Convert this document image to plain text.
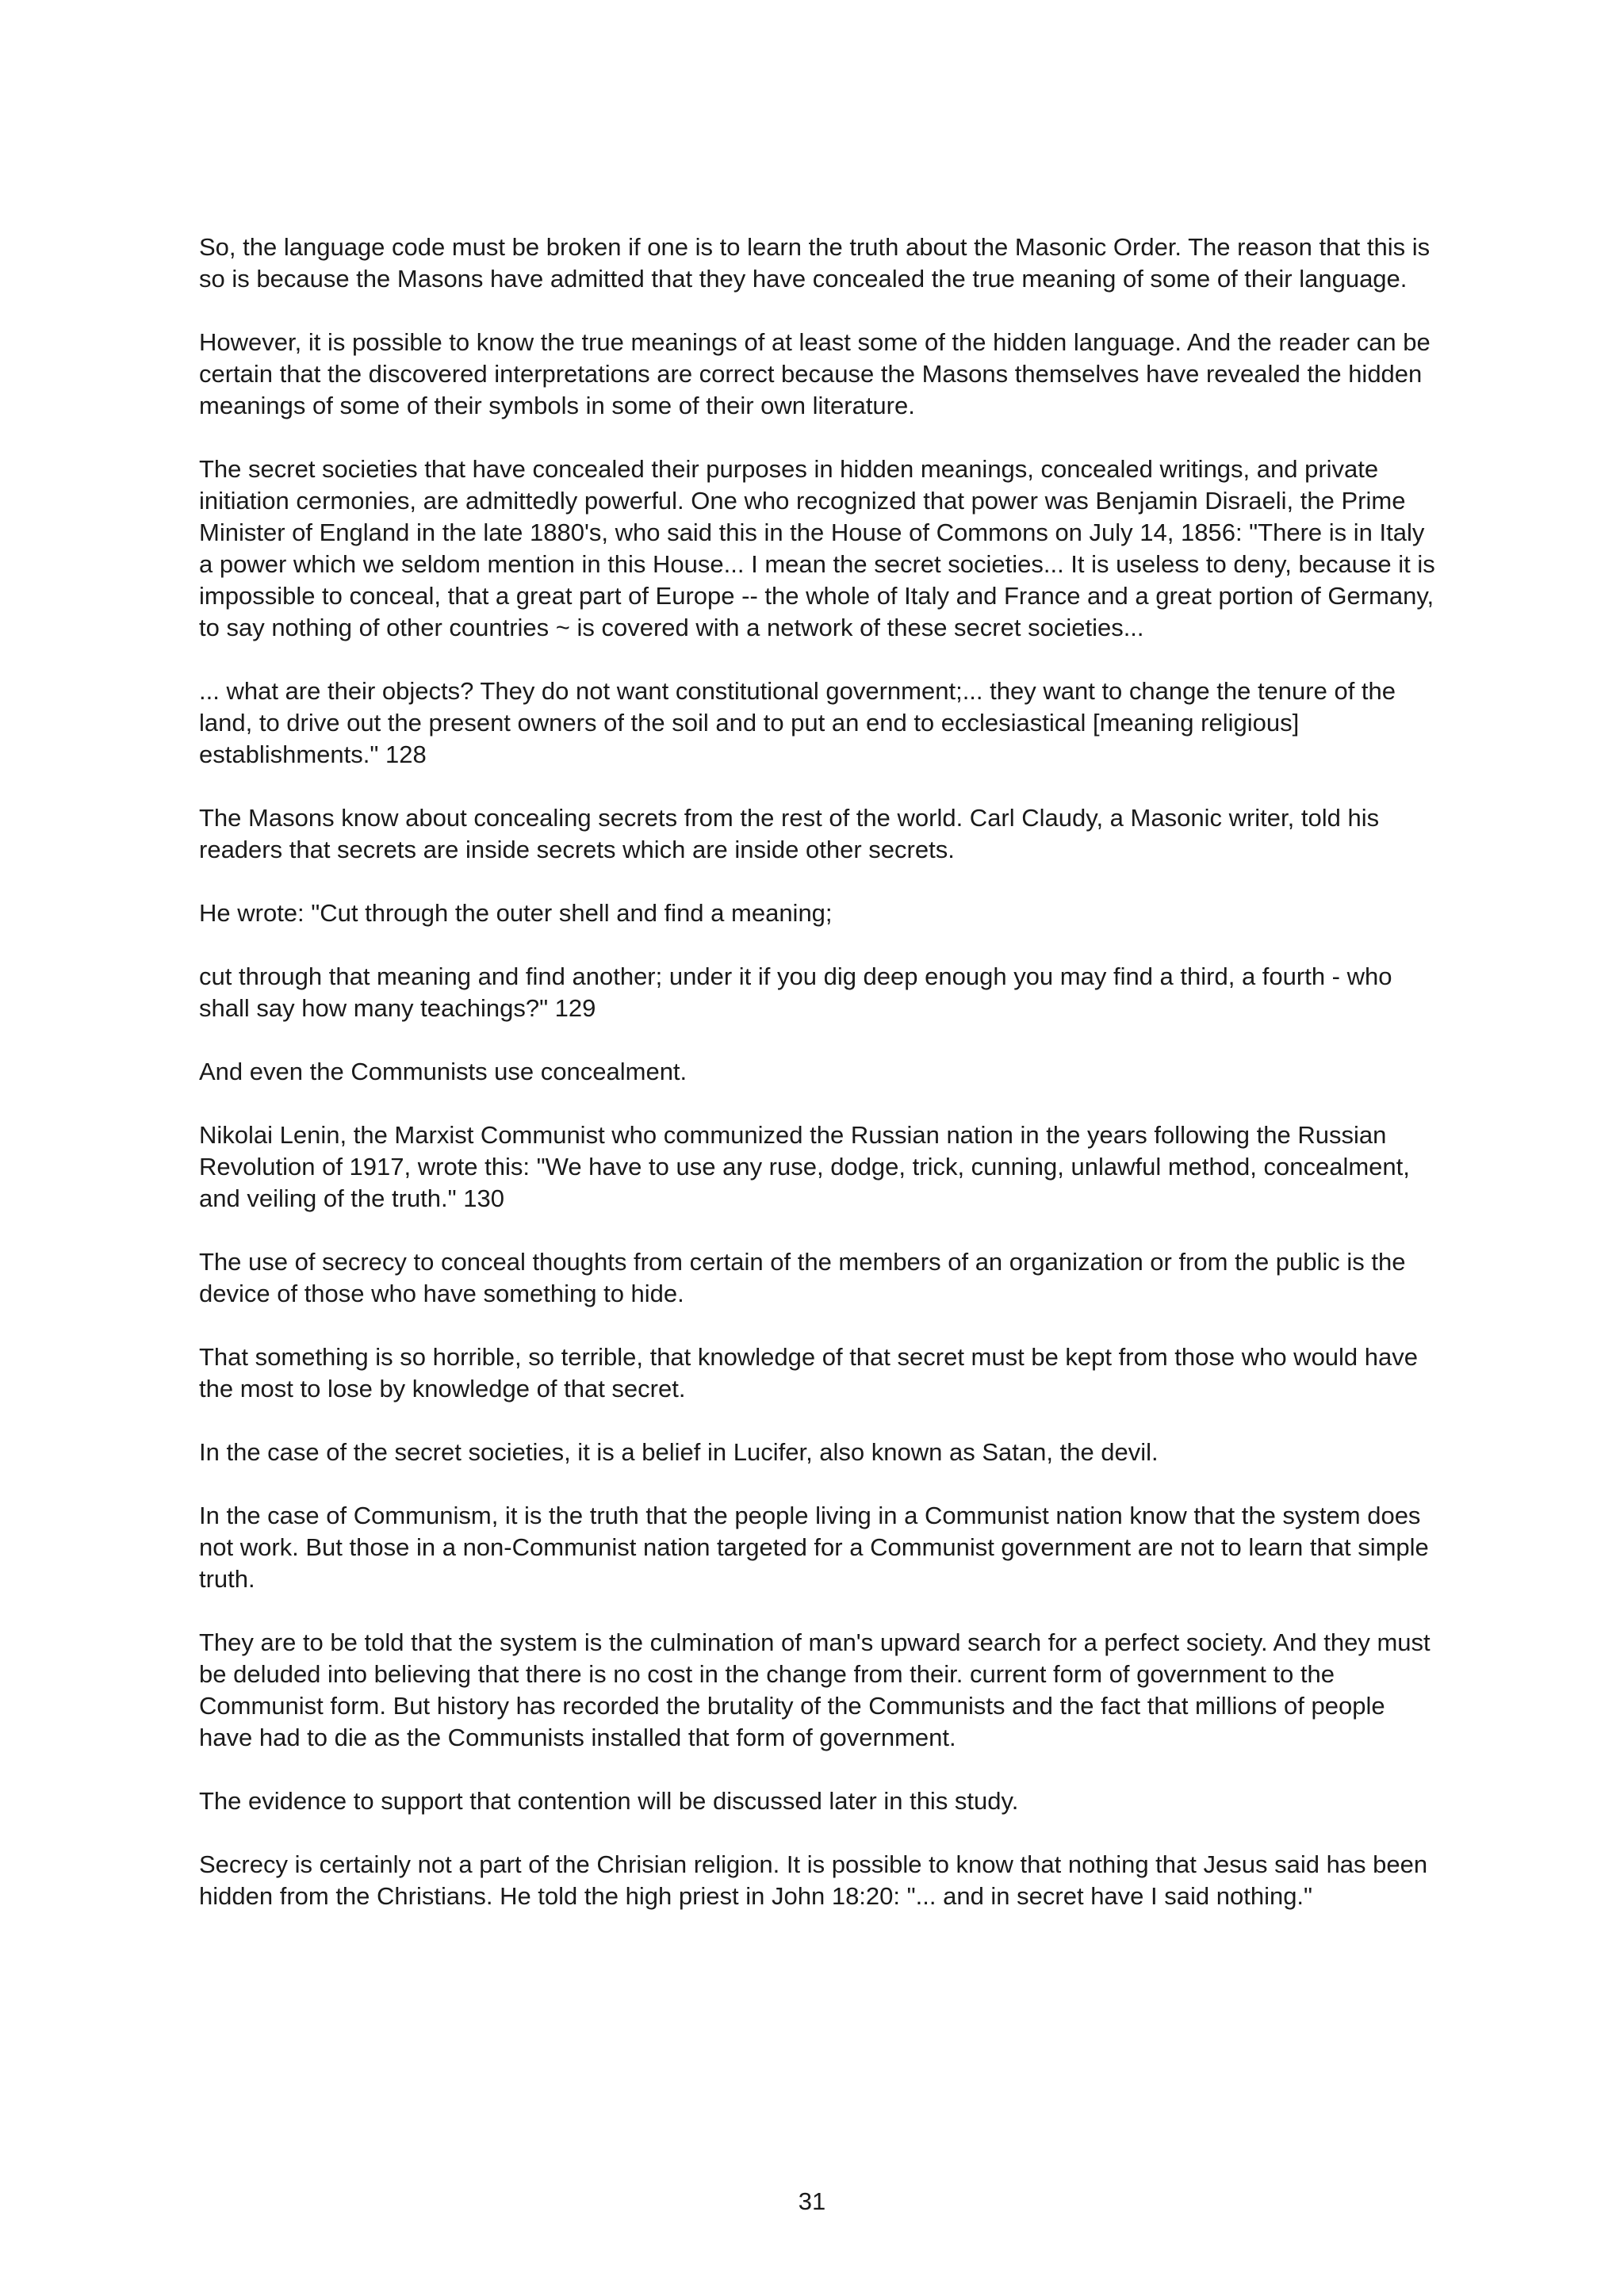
So, the language code must be broken if one is to learn the truth about the Masonic Order. The reason that this is so is because the Masons have admitted that they have concealed the true meaning of some of their language.

However, it is possible to know the true meanings of at least some of the hidden language. And the reader can be certain that the discovered interpretations are correct because the Masons themselves have revealed the hidden meanings of some of their symbols in some of their own literature.

The secret societies that have concealed their purposes in hidden meanings, concealed writings, and private initiation cermonies, are admittedly powerful. One who recognized that power was Benjamin Disraeli, the Prime Minister of England in the late 1880's, who said this in the House of Commons on July 14, 1856: "There is in Italy a power which we seldom mention in this House... I mean the secret societies... It is useless to deny, because it is impossible to conceal, that a great part of Europe -- the whole of Italy and France and a great portion of Germany, to say nothing of other countries ~ is covered with a network of these secret societies...

... what are their objects? They do not want constitutional government;... they want to change the tenure of the land, to drive out the present owners of the soil and to put an end to ecclesiastical [meaning religious] establishments." 128

The Masons know about concealing secrets from the rest of the world. Carl Claudy, a Masonic writer, told his readers that secrets are inside secrets which are inside other secrets.

He wrote: "Cut through the outer shell and find a meaning;

cut through that meaning and find another; under it if you dig deep enough you may find a third, a fourth - who shall say how many teachings?" 129

And even the Communists use concealment.

Nikolai Lenin, the Marxist Communist who communized the Russian nation in the years following the Russian Revolution of 1917, wrote this: "We have to use any ruse, dodge, trick, cunning, unlawful method, concealment, and veiling of the truth." 130

The use of secrecy to conceal thoughts from certain of the members of an organization or from the public is the device of those who have something to hide.

That something is so horrible, so terrible, that knowledge of that secret must be kept from those who would have the most to lose by knowledge of that secret.

In the case of the secret societies, it is a belief in Lucifer, also known as Satan, the devil.

In the case of Communism, it is the truth that the people living in a Communist nation know that the system does not work. But those in a non-Communist nation targeted for a Communist government are not to learn that simple truth.

They are to be told that the system is the culmination of man's upward search for a perfect society. And they must be deluded into believing that there is no cost in the change from their. current form of government to the Communist form. But history has recorded the brutality of the Communists and the fact that millions of people have had to die as the Communists installed that form of government.

The evidence to support that contention will be discussed later in this study.

Secrecy is certainly not a part of the Chrisian religion. It is possible to know that nothing that Jesus said has been hidden from the Christians. He told the high priest in John 18:20: "... and in secret have I said nothing."

31
